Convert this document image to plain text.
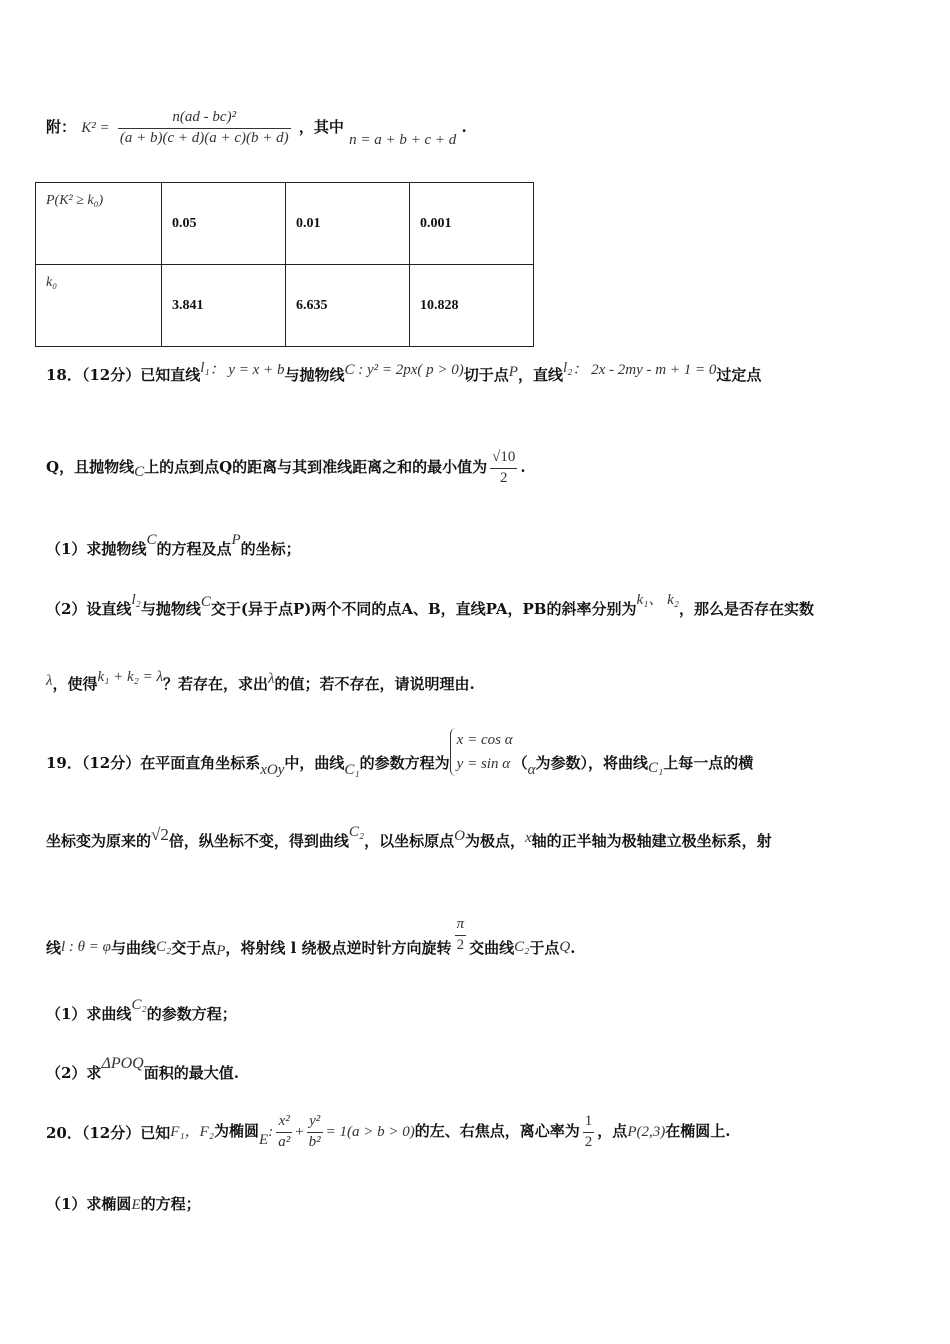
附： $K^2 = \frac{\text{n(ad - bc)²}}{(a + b)(c + d)(a + c)(b + d)}$ ，其中 n = a + b + c + d .
P(K² ≥ k₀)	0.05	0.01	0.001
k₀	3.841	6.635	10.828
18．（12分）已知直线l₁： y = x + b与抛物线C : y² = 2px( p > 0)切于点P，直线l₂： 2x - 2my - m + 1 = 0过定点
Q，且抛物线C上的点到点Q的距离与其到准线距离之和的最小值为 $\frac{√10}{2}$ .
（1）求抛物线C的方程及点P的坐标；
（2）设直线l₂与抛物线C交于(异于点P)两个不同的点A、B，直线PA，PB的斜率分别为k₁、 k₂，那么是否存在实数
λ，使得k₁ + k₂ = λ？若存在，求出λ的值；若不存在，请说明理由.
19．（12分）在平面直角坐标系xOy中，曲线C₁的参数方程为
x = cos α
y = sin α （α为参数），将曲线C₁上每一点的横
坐标变为原来的√2倍，纵坐标不变，得到曲线C₂，以坐标原点O为极点，x轴的正半轴为极轴建立极坐标系，射
线l : θ = φ与曲线C₂交于点P，将射线 l 绕极点逆时针方向旋转 $\frac{\pi}{2}$ 交曲线C₂于点Q.
（1）求曲线C₂的参数方程；
（2）求ΔPOQ面积的最大值.
20．（12分）已知F₁，F₂为椭圆E: $\frac{\text{x²}}{\text{a²}} + \frac{\text{y²}}{\text{b²}} = 1(a > b > 0)$的左、右焦点，离心率为 $\frac{1}{2}$ ，点P(2,3)在椭圆上.
（1）求椭圆E的方程；
